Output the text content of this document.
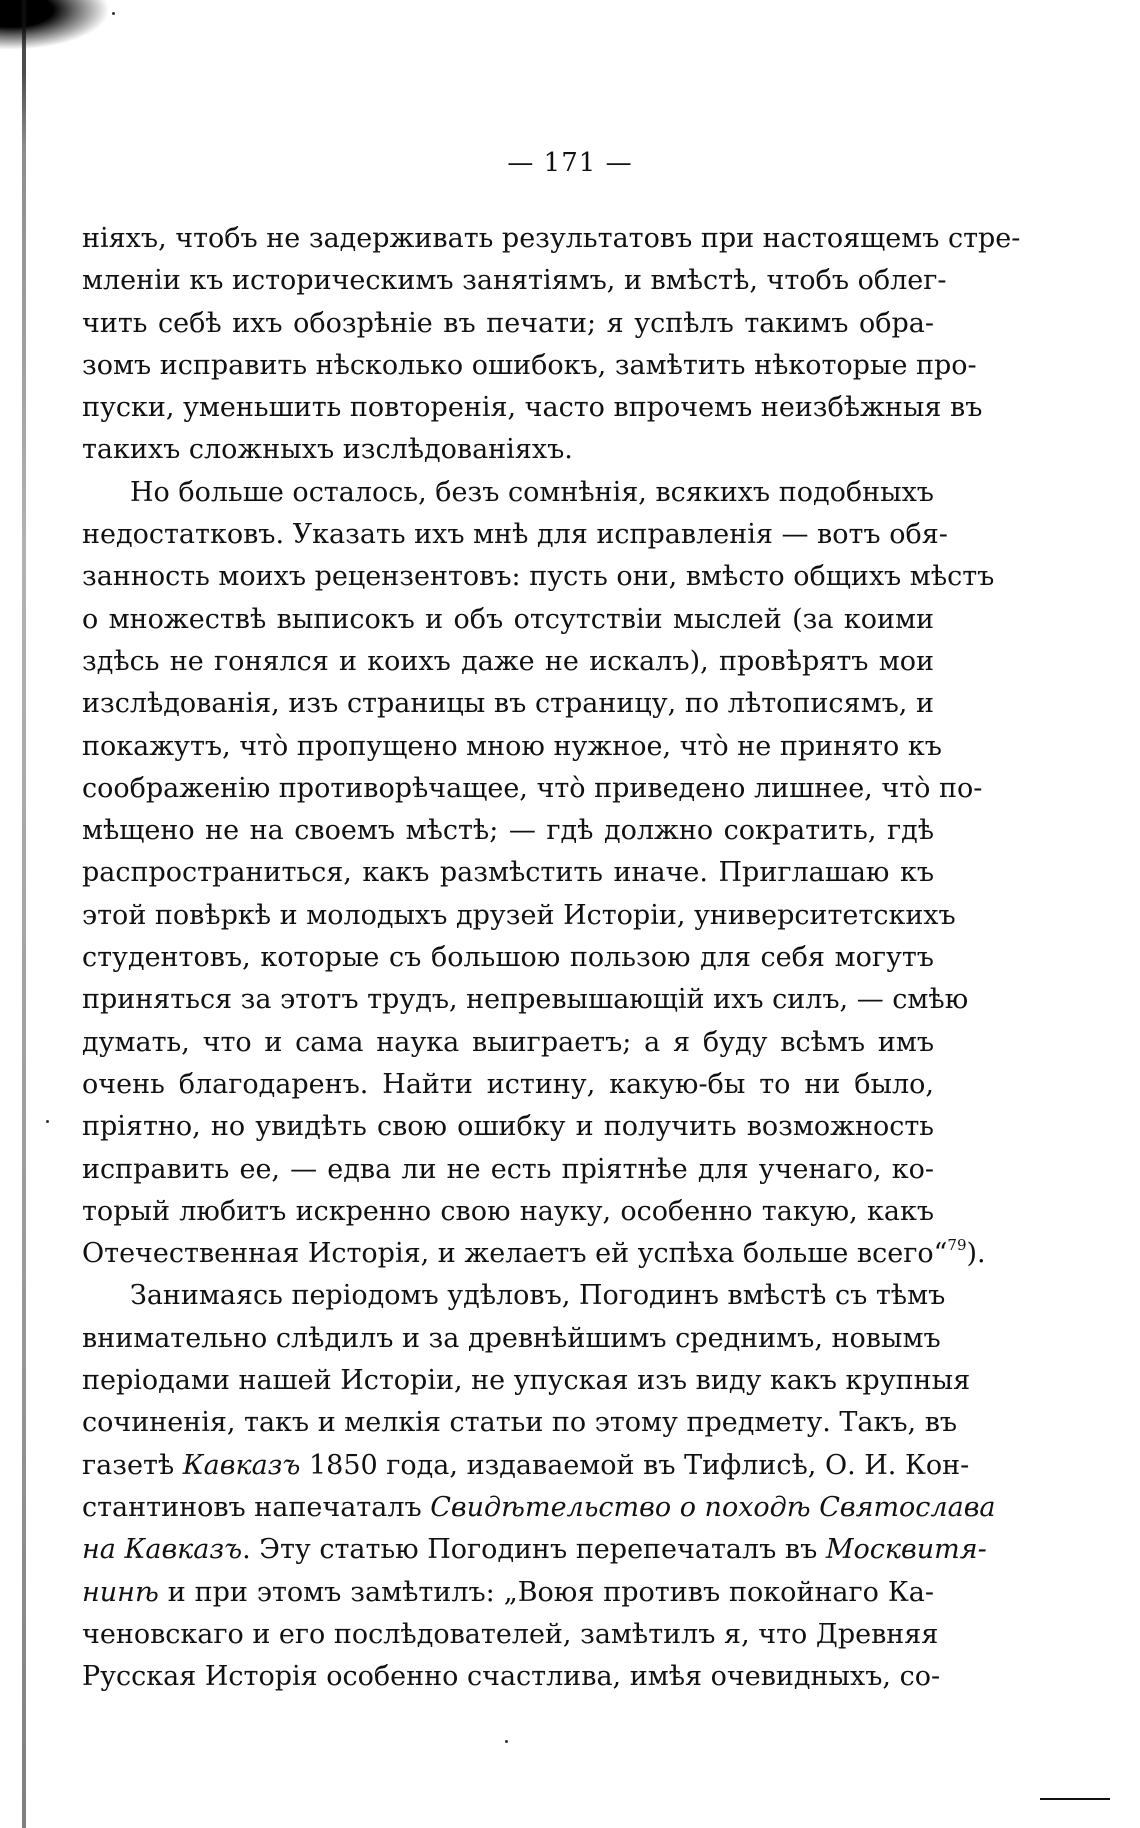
— 171 —
ніяхъ, чтобъ не задерживать результатовъ при настоящемъ стре-
мленіи къ историческимъ занятіямъ, и вмѣстѣ, чтобъ облег-
чить себѣ ихъ обозрѣніе въ печати; я успѣлъ такимъ обра-
зомъ исправить нѣсколько ошибокъ, замѣтить нѣкоторые про-
пуски, уменьшить повторенія, часто впрочемъ неизбѣжныя въ
такихъ сложныхъ изслѣдованіяхъ.
Но больше осталось, безъ сомнѣнія, всякихъ подобныхъ
недостатковъ. Указать ихъ мнѣ для исправленія — вотъ обя-
занность моихъ рецензентовъ: пусть они, вмѣсто общихъ мѣстъ
о множествѣ выписокъ и объ отсутствіи мыслей (за коими
здѣсь не гонялся и коихъ даже не искалъ), провѣрятъ мои
изслѣдованія, изъ страницы въ страницу, по лѣтописямъ, и
покажутъ, что̀ пропущено мною нужное, что̀ не принято къ
соображенію противорѣчащее, что̀ приведено лишнее, что̀ по-
мѣщено не на своемъ мѣстѣ; — гдѣ должно сократить, гдѣ
распространиться, какъ размѣстить иначе. Приглашаю къ
этой повѣркѣ и молодыхъ друзей Исторіи, университетскихъ
студентовъ, которые съ большою пользою для себя могутъ
приняться за этотъ трудъ, непревышающій ихъ силъ, — смѣю
думать, что и сама наука выиграетъ; а я буду всѣмъ имъ
очень благодаренъ. Найти истину, какую-бы то ни было,
пріятно, но увидѣть свою ошибку и получить возможность
исправить ее, — едва ли не есть пріятнѣе для ученаго, ко-
торый любитъ искренно свою науку, особенно такую, какъ
Отечественная Исторія, и желаетъ ей успѣха больше всего“$^{79}$).
Занимаясь періодомъ удѣловъ, Погодинъ вмѣстѣ съ тѣмъ
внимательно слѣдилъ и за древнѣйшимъ среднимъ, новымъ
періодами нашей Исторіи, не упуская изъ виду какъ крупныя
сочиненія, такъ и мелкія статьи по этому предмету. Такъ, въ
газетѣ Кавказъ 1850 года, издаваемой въ Тифлисѣ, О. И. Кон-
стантиновъ напечаталъ Свидѣтельство о походѣ Святослава
на Кавказъ. Эту статью Погодинъ перепечаталъ въ Москвитя-
нинѣ и при этомъ замѣтилъ: „Воюя противъ покойнаго Ка-
ченовскаго и его послѣдователей, замѣтилъ я, что Древняя
Русская Исторія особенно счастлива, имѣя очевидныхъ, со-
